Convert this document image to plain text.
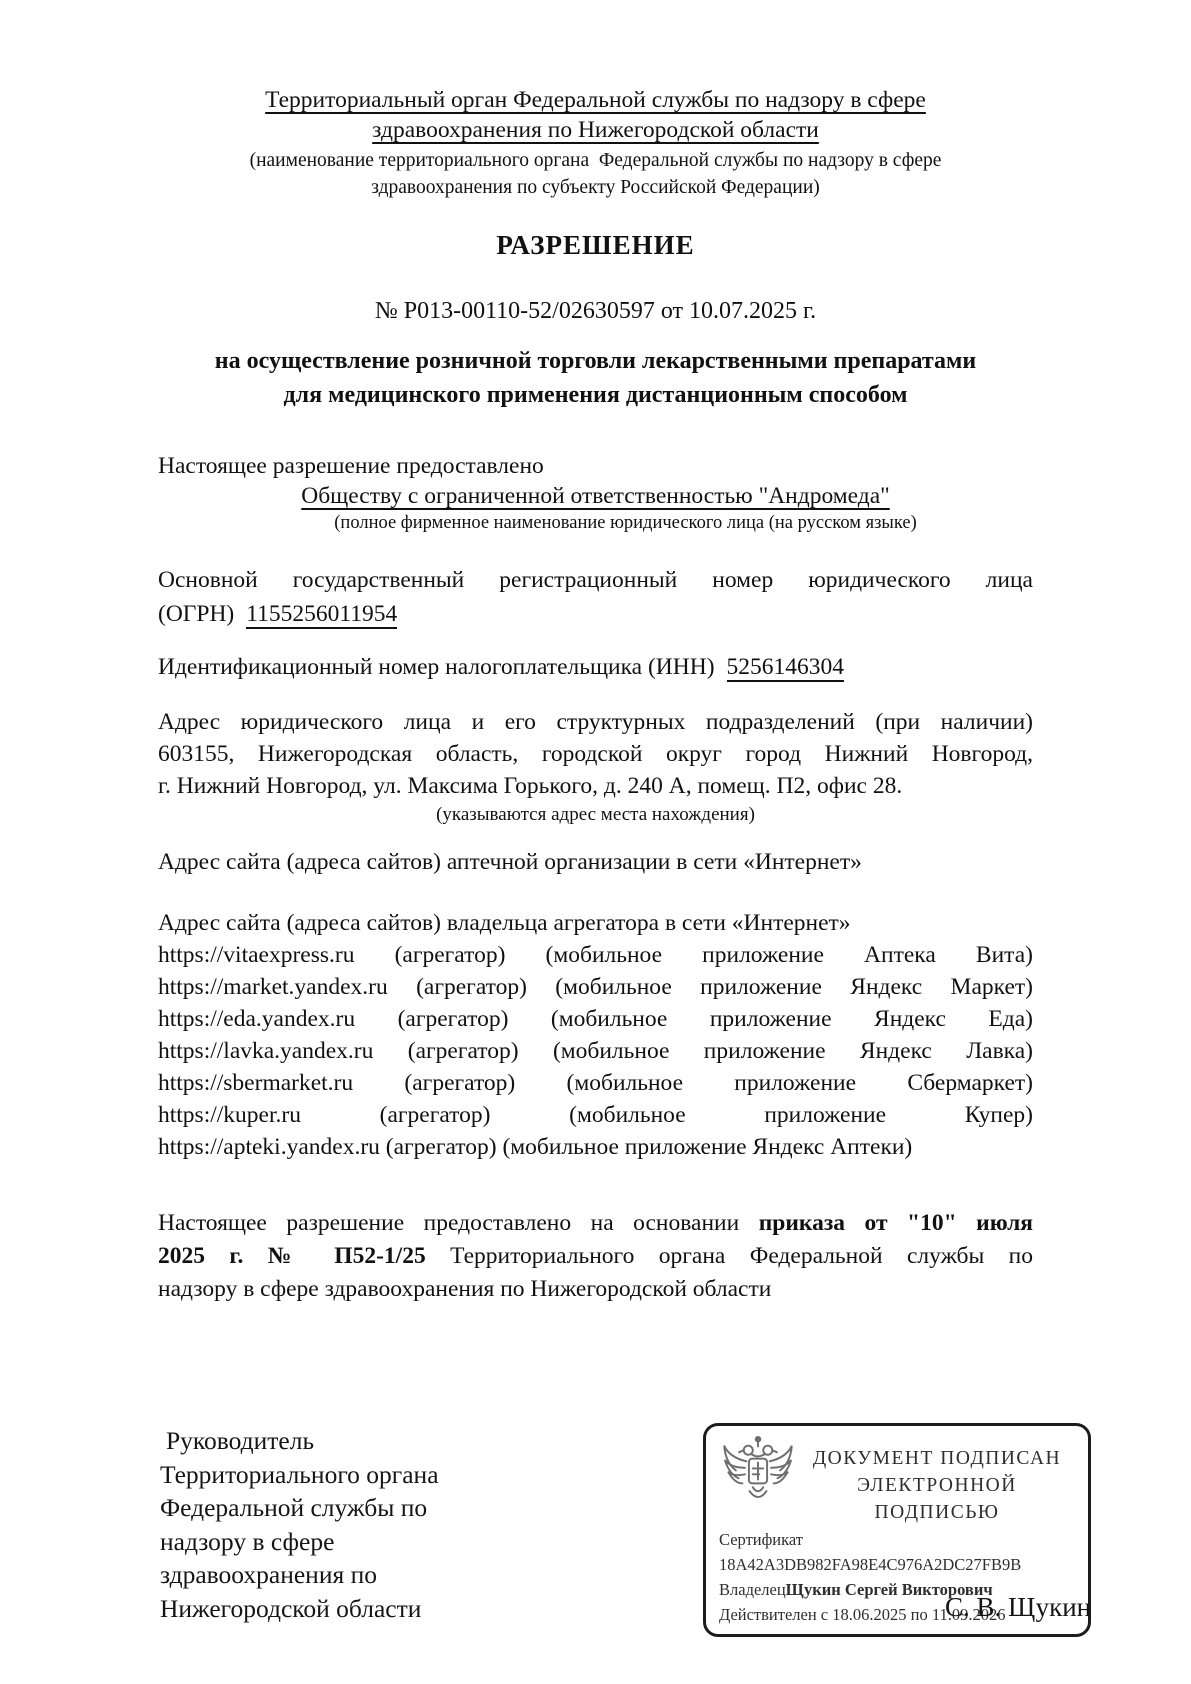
Территориальный орган Федеральной службы по надзору в сфере
здравоохранения по Нижегородской области
(наименование территориального органа  Федеральной службы по надзору в сфере
здравоохранения по субъекту Российской Федерации)
РАЗРЕШЕНИЕ
№ Р013-00110-52/02630597 от 10.07.2025 г.
на осуществление розничной торговли лекарственными препаратами
для медицинского применения дистанционным способом
Настоящее разрешение предоставлено
Обществу с ограниченной ответственностью "Андромеда"
(полное фирменное наименование юридического лица (на русском языке)
Основной государственный регистрационный номер юридического лица
(ОГРН) 1155256011954
Идентификационный номер налогоплательщика (ИНН) 5256146304
Адрес юридического лица и его структурных подразделений (при наличии)
603155, Нижегородская область, городской округ город Нижний Новгород,
г. Нижний Новгород, ул. Максима Горького, д. 240 А, помещ. П2, офис 28.
(указываются адрес места нахождения)
Адрес сайта (адреса сайтов) аптечной организации в сети «Интернет»
Адрес сайта (адреса сайтов) владельца агрегатора в сети «Интернет»
https://vitaexpress.ru (агрегатор) (мобильное приложение Аптека Вита)
https://market.yandex.ru (агрегатор) (мобильное приложение Яндекс Маркет)
https://eda.yandex.ru (агрегатор) (мобильное приложение Яндекс Еда)
https://lavka.yandex.ru (агрегатор) (мобильное приложение Яндекс Лавка)
https://sbermarket.ru (агрегатор) (мобильное приложение Сбермаркет)
https://kuper.ru (агрегатор) (мобильное приложение Купер)
https://apteki.yandex.ru (агрегатор) (мобильное приложение Яндекс Аптеки)
Настоящее разрешение предоставлено на основании приказа от "10" июля
2025 г. № П52-1/25 Территориального органа Федеральной службы по
надзору в сфере здравоохранения по Нижегородской области
Руководитель
Территориального органа
Федеральной службы по
надзору в сфере
здравоохранения по
Нижегородской области
ДОКУМЕНТ ПОДПИСАН
ЭЛЕКТРОННОЙ ПОДПИСЬЮ
Сертификат 18A42A3DB982FA98E4C976A2DC27FB9B
ВладелецЩукин Сергей Викторович
Действителен с 18.06.2025 по 11.09.2026
С. В. Щукин
